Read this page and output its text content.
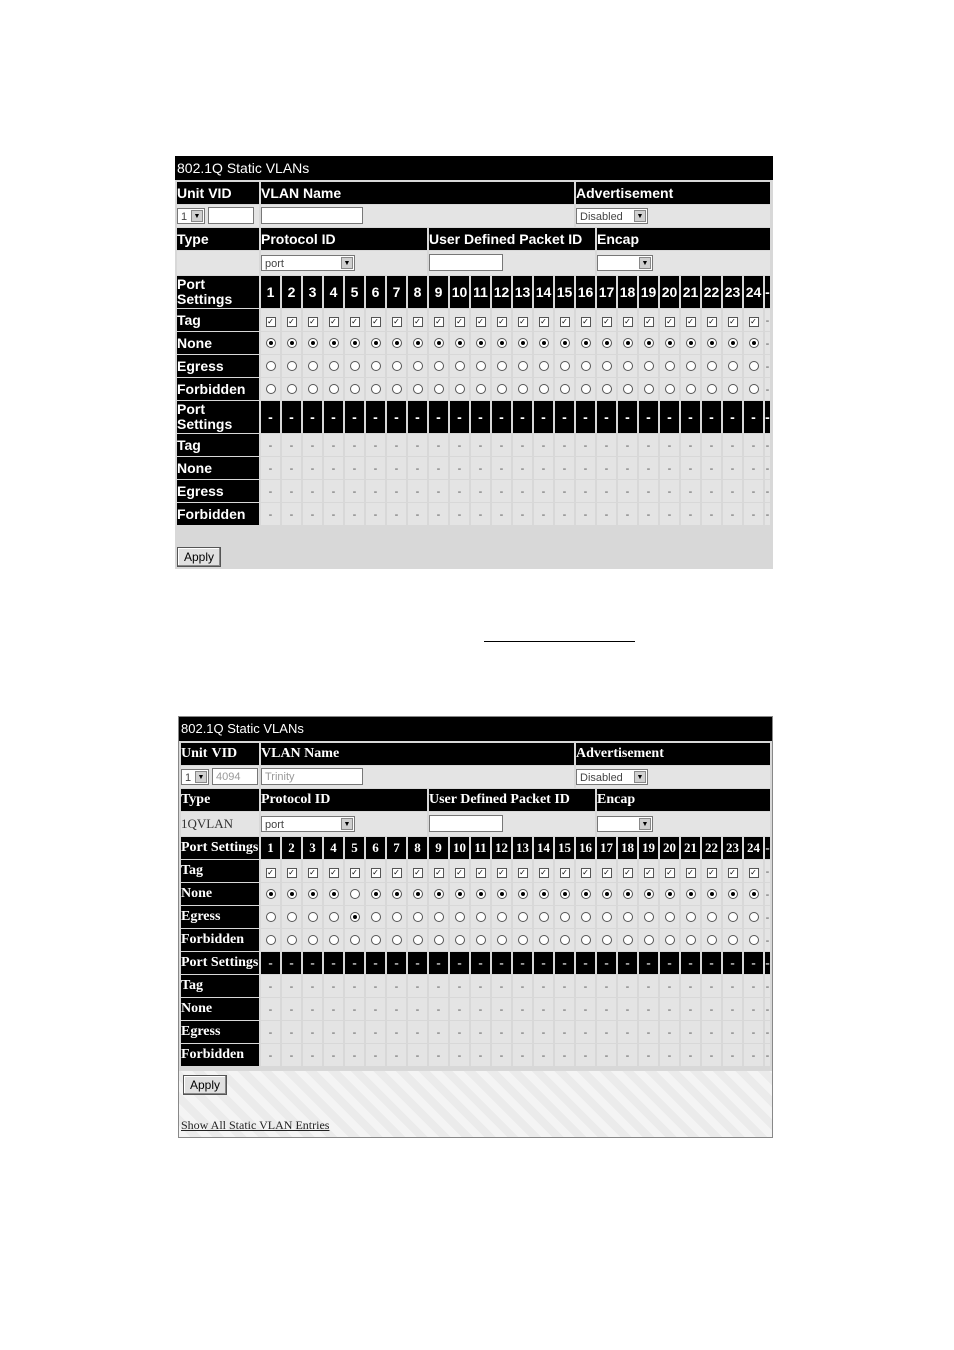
802.1Q Static VLANs
Unit VID	VLAN Name															Advertisement									
1 ▼																Disabled ▼									

Type	Protocol ID								User Defined Packet ID								Encap								
	port ▼																▼								

Port Settings	1	2	3	4	5	6	7	8	9	10	11	12	13	14	15	16	17	18	19	20	21	22	23	24	-
Tag	✓	✓	✓	✓	✓	✓	✓	✓	✓	✓	✓	✓	✓	✓	✓	✓	✓	✓	✓	✓	✓	✓	✓	✓	-
None																									-
Egress																									-
Forbidden																									-
Port Settings	-	-	-	-	-	-	-	-	-	-	-	-	-	-	-	-	-	-	-	-	-	-	-	-	-
Tag	-	-	-	-	-	-	-	-	-	-	-	-	-	-	-	-	-	-	-	-	-	-	-	-	-
None	-	-	-	-	-	-	-	-	-	-	-	-	-	-	-	-	-	-	-	-	-	-	-	-	-
Egress	-	-	-	-	-	-	-	-	-	-	-	-	-	-	-	-	-	-	-	-	-	-	-	-	-
Forbidden	-	-	-	-	-	-	-	-	-	-	-	-	-	-	-	-	-	-	-	-	-	-	-	-	-
Apply
802.1Q Static VLANs
Unit VID	VLAN Name															Advertisement									
1 ▼ 4094	Trinity															Disabled ▼									

Type	Protocol ID								User Defined Packet ID								Encap								
1QVLAN	port ▼																▼								

Port Settings	1	2	3	4	5	6	7	8	9	10	11	12	13	14	15	16	17	18	19	20	21	22	23	24	-
Tag	✓	✓	✓	✓	✓	✓	✓	✓	✓	✓	✓	✓	✓	✓	✓	✓	✓	✓	✓	✓	✓	✓	✓	✓	-
None																									-
Egress																									-
Forbidden																									-
Port Settings	-	-	-	-	-	-	-	-	-	-	-	-	-	-	-	-	-	-	-	-	-	-	-	-	-
Tag	-	-	-	-	-	-	-	-	-	-	-	-	-	-	-	-	-	-	-	-	-	-	-	-	-
None	-	-	-	-	-	-	-	-	-	-	-	-	-	-	-	-	-	-	-	-	-	-	-	-	-
Egress	-	-	-	-	-	-	-	-	-	-	-	-	-	-	-	-	-	-	-	-	-	-	-	-	-
Forbidden	-	-	-	-	-	-	-	-	-	-	-	-	-	-	-	-	-	-	-	-	-	-	-	-	-
Apply
Show All Static VLAN Entries
